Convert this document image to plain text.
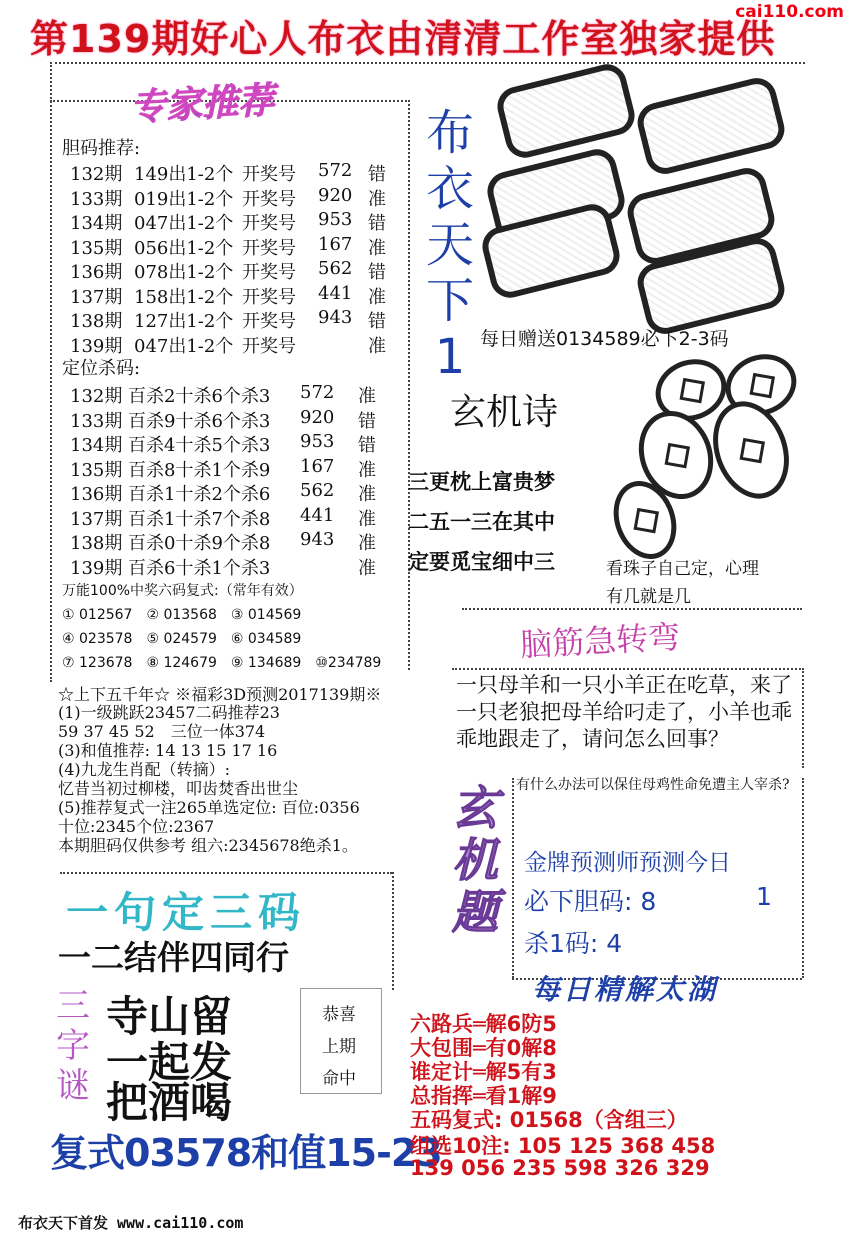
第139期好心人布衣由清清工作室独家提供
cai110.com
专家推荐
胆码推荐:
132期 149出1-2个 开奖号 572 错
133期 019出1-2个 开奖号 920 准
134期 047出1-2个 开奖号 953 错
135期 056出1-2个 开奖号 167 准
136期 078出1-2个 开奖号 562 错
137期 158出1-2个 开奖号 441 准
138期 127出1-2个 开奖号 943 错
139期 047出1-2个 开奖号	准
定位杀码:
132期 百杀2十杀6个杀3 572 准
133期 百杀9十杀6个杀3 920 错
134期 百杀4十杀5个杀3 953 错
135期 百杀8十杀1个杀9 167 准
136期 百杀1十杀2个杀6 562 准
137期 百杀1十杀7个杀8 441 准
138期 百杀0十杀9个杀8 943 准
139期 百杀6十杀1个杀3	准
万能100%中奖六码复式:（常年有效）
① 012567　② 013568　③ 014569
④ 023578　⑤ 024579　⑥ 034589
⑦ 123678　⑧ 124679　⑨ 134689　⑩234789
布衣天下1 每日赠送0134589必下2-3码
玄机诗
三更枕上富贵梦
二五一三在其中
定要觅宝细中三	看珠子自己定，心理
有几就是几
脑筋急转弯
一只母羊和一只小羊正在吃草，来了一只老狼把母羊给叼走了，小羊也乖乖地跟走了，请问怎么回事？
☆上下五千年☆ ※福彩3D预测2017139期※
(1)一级跳跃23457二码推荐23
59 37 45 52　三位一体374
(3)和值推荐: 14 13 15 17 16
(4)九龙生肖配（转摘）:
忆昔当初过柳楼，叩齿焚香出世尘
(5)推荐复式一注265单选定位: 百位:0356
十位:2345个位:2367
本期胆码仅供参考 组六:2345678绝杀1。
玄机题
有什么办法可以保住母鸡性命免遭主人宰杀?
金牌预测师预测今日
必下胆码: 8	1
杀1码: 4
一句定三码
一二结伴四同行
三字谜
寺山留
一起发
把酒喝
恭喜
上期
命中
复式03578和值15-23
每日精解太湖
六路兵═解6防5
大包围═有0解8
谁定计═解5有3
总指挥═看1解9
五码复式: 01568（含组三）
组选10注: 105 125 368 458
139 056 235 598 326 329
布衣天下首发 www.cai110.com
